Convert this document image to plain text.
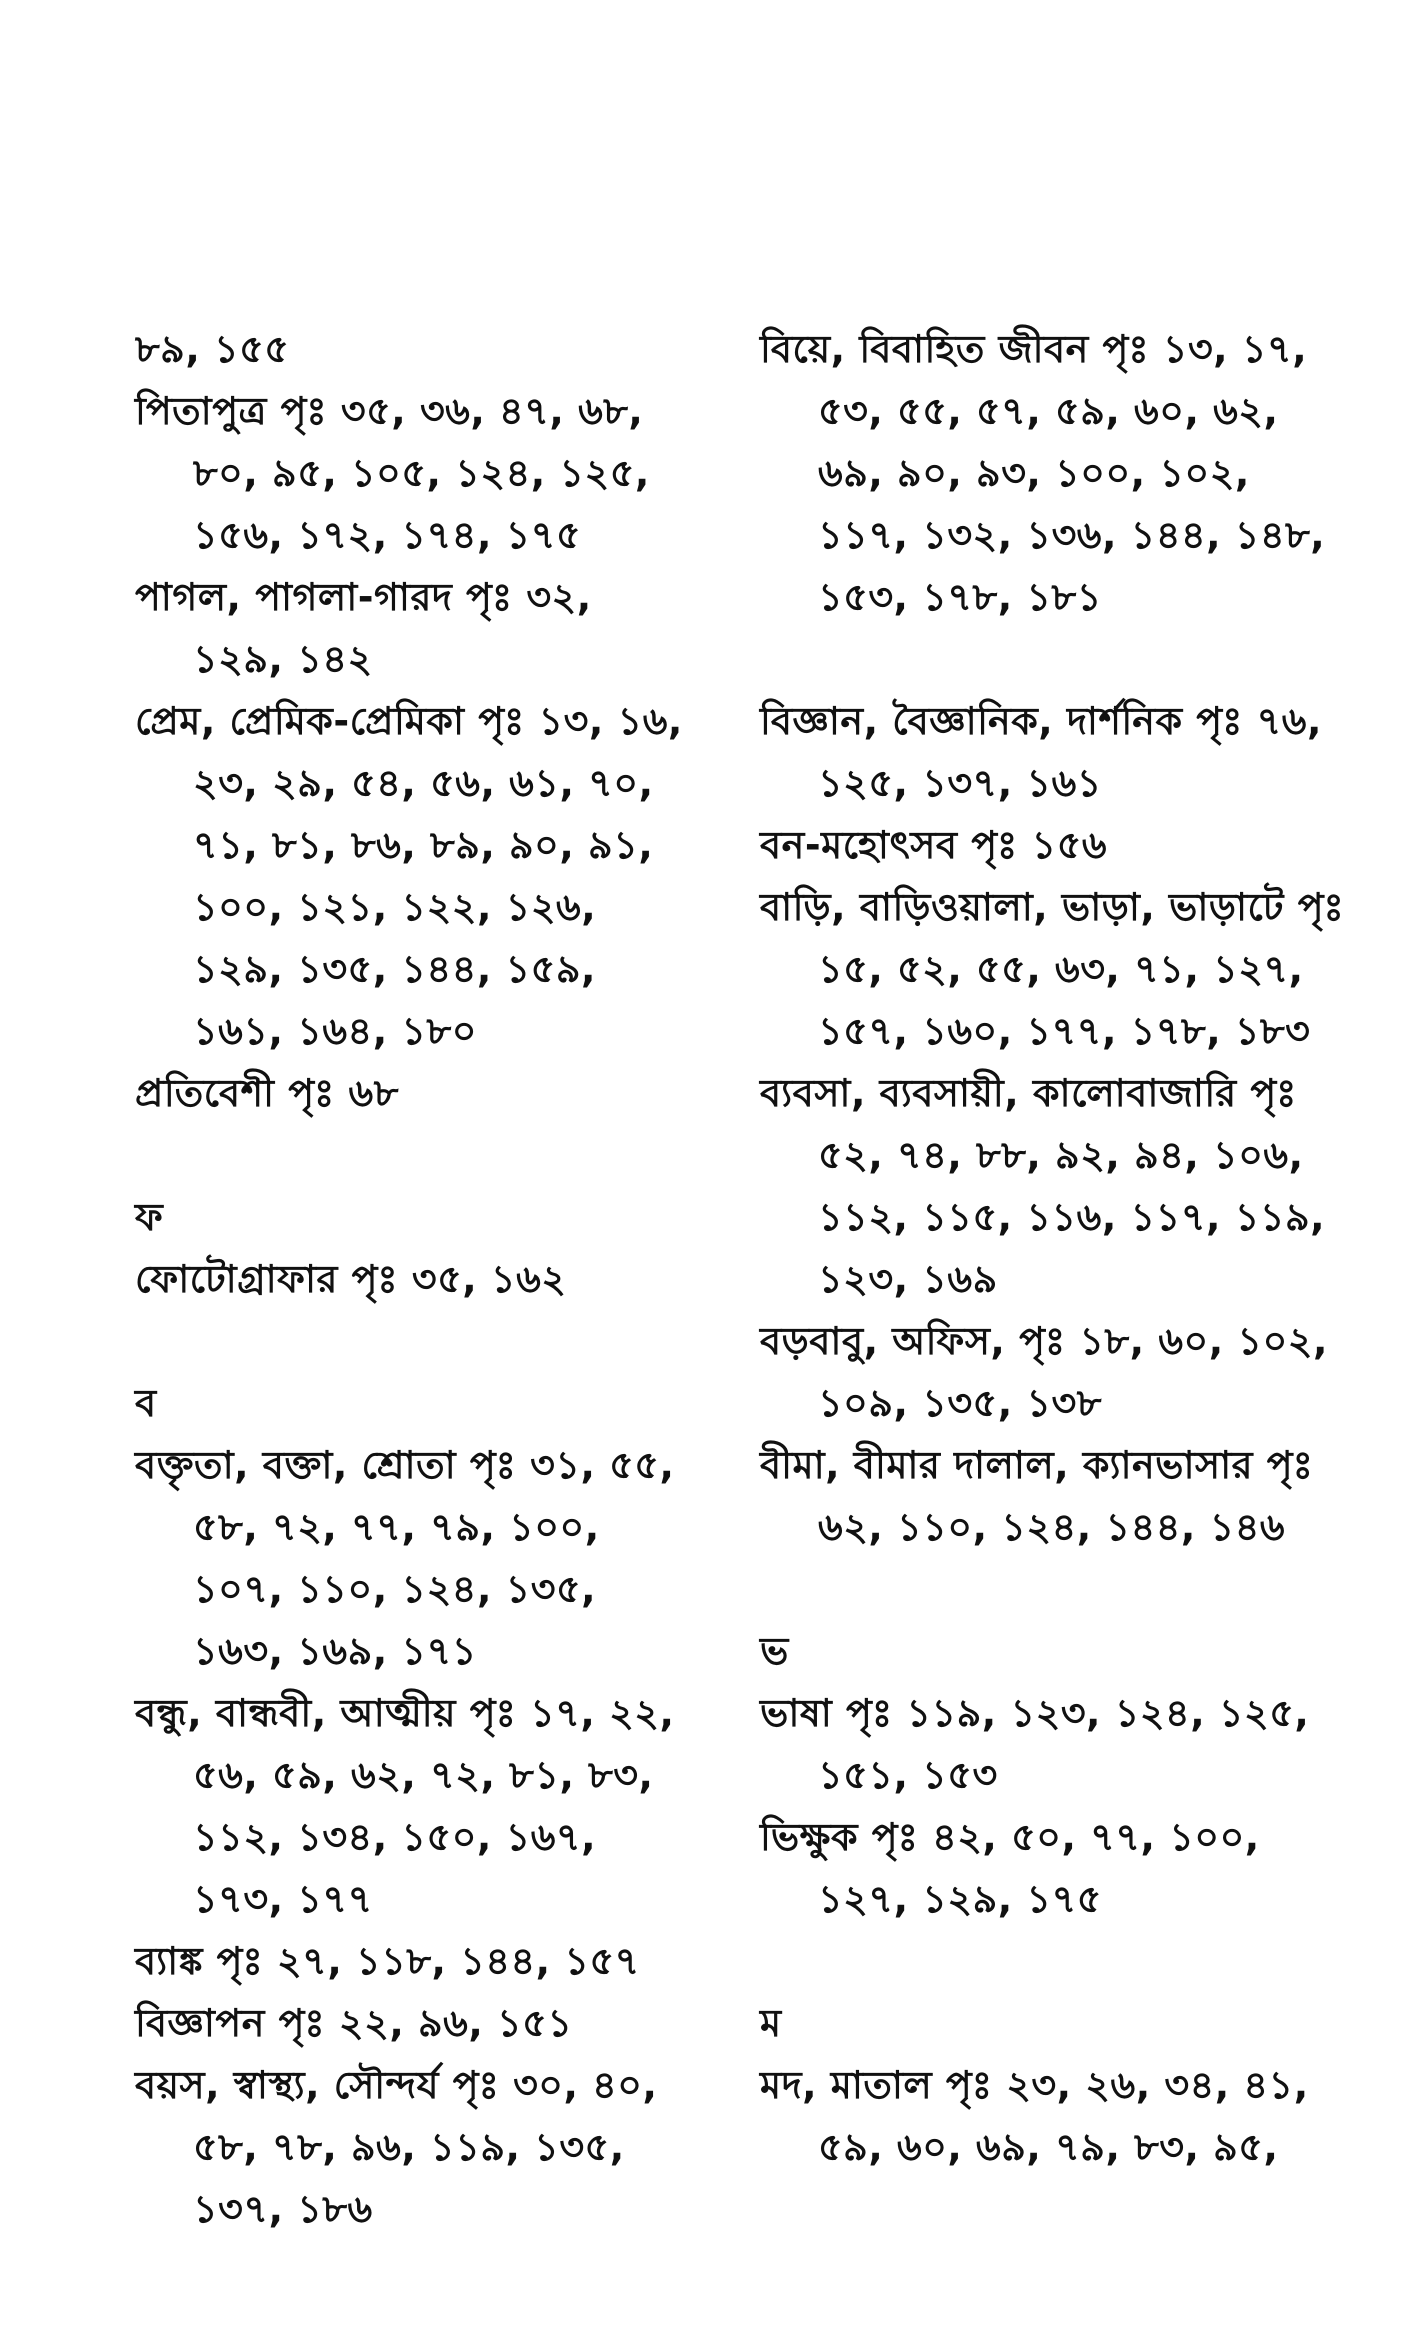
৮৯, ১৫৫
পিতাপুত্র পৃঃ ৩৫, ৩৬, ৪৭, ৬৮, ৮০, ৯৫, ১০৫, ১২৪, ১২৫, ১৫৬, ১৭২, ১৭৪, ১৭৫
পাগল, পাগলা-গারদ পৃঃ ৩২, ১২৯, ১৪২
প্রেম, প্রেমিক-প্রেমিকা পৃঃ ১৩, ১৬, ২৩, ২৯, ৫৪, ৫৬, ৬১, ৭০, ৭১, ৮১, ৮৬, ৮৯, ৯০, ৯১, ১০০, ১২১, ১২২, ১২৬, ১২৯, ১৩৫, ১৪৪, ১৫৯, ১৬১, ১৬৪, ১৮০
প্রতিবেশী পৃঃ ৬৮
ফ
ফোটোগ্রাফার পৃঃ ৩৫, ১৬২
ব
বক্তৃতা, বক্তা, শ্রোতা পৃঃ ৩১, ৫৫, ৫৮, ৭২, ৭৭, ৭৯, ১০০, ১০৭, ১১০, ১২৪, ১৩৫, ১৬৩, ১৬৯, ১৭১
বন্ধু, বান্ধবী, আত্মীয় পৃঃ ১৭, ২২, ৫৬, ৫৯, ৬২, ৭২, ৮১, ৮৩, ১১২, ১৩৪, ১৫০, ১৬৭, ১৭৩, ১৭৭
ব্যাঙ্ক পৃঃ ২৭, ১১৮, ১৪৪, ১৫৭
বিজ্ঞাপন পৃঃ ২২, ৯৬, ১৫১
বয়স, স্বাস্থ্য, সৌন্দর্য পৃঃ ৩০, ৪০, ৫৮, ৭৮, ৯৬, ১১৯, ১৩৫, ১৩৭, ১৮৬
বিয়ে, বিবাহিত জীবন পৃঃ ১৩, ১৭, ৫৩, ৫৫, ৫৭, ৫৯, ৬০, ৬২, ৬৯, ৯০, ৯৩, ১০০, ১০২, ১১৭, ১৩২, ১৩৬, ১৪৪, ১৪৮, ১৫৩, ১৭৮, ১৮১
বিজ্ঞান, বৈজ্ঞানিক, দার্শনিক পৃঃ ৭৬, ১২৫, ১৩৭, ১৬১
বন-মহোৎসব পৃঃ ১৫৬
বাড়ি, বাড়িওয়ালা, ভাড়া, ভাড়াটে পৃঃ ১৫, ৫২, ৫৫, ৬৩, ৭১, ১২৭, ১৫৭, ১৬০, ১৭৭, ১৭৮, ১৮৩
ব্যবসা, ব্যবসায়ী, কালোবাজারি পৃঃ ৫২, ৭৪, ৮৮, ৯২, ৯৪, ১০৬, ১১২, ১১৫, ১১৬, ১১৭, ১১৯, ১২৩, ১৬৯
বড়বাবু, অফিস, পৃঃ ১৮, ৬০, ১০২, ১০৯, ১৩৫, ১৩৮
বীমা, বীমার দালাল, ক্যানভাসার পৃঃ ৬২, ১১০, ১২৪, ১৪৪, ১৪৬
ভ
ভাষা পৃঃ ১১৯, ১২৩, ১২৪, ১২৫, ১৫১, ১৫৩
ভিক্ষুক পৃঃ ৪২, ৫০, ৭৭, ১০০, ১২৭, ১২৯, ১৭৫
ম
মদ, মাতাল পৃঃ ২৩, ২৬, ৩৪, ৪১, ৫৯, ৬০, ৬৯, ৭৯, ৮৩, ৯৫,
